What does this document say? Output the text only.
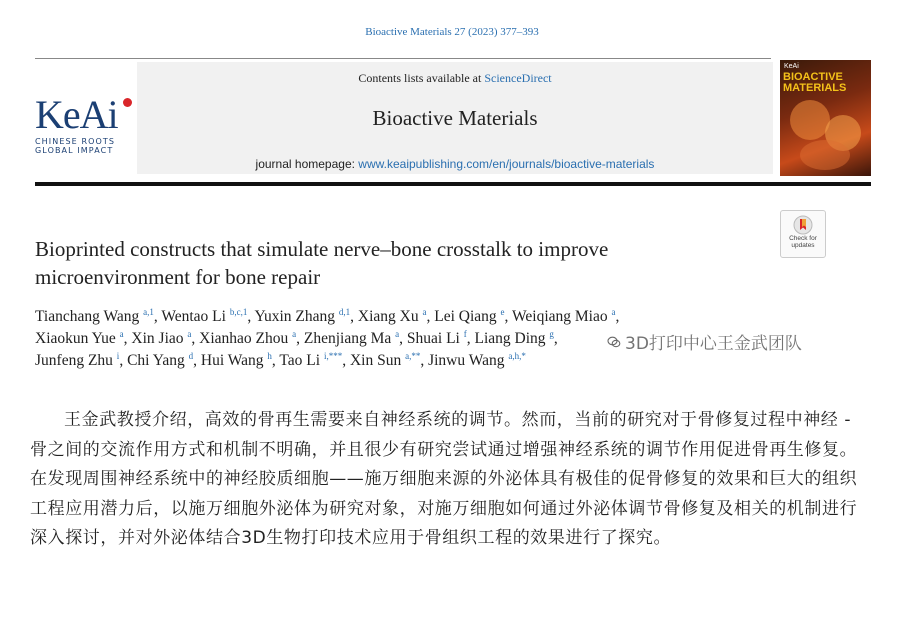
Bioactive Materials 27 (2023) 377–393
KeAi
CHINESE ROOTS
GLOBAL IMPACT
Contents lists available at ScienceDirect
Bioactive Materials
journal homepage: www.keaipublishing.com/en/journals/bioactive-materials
KeAi
BIOACTIVE MATERIALS
Check for
updates
Bioprinted constructs that simulate nerve–bone crosstalk to improve
microenvironment for bone repair
Tianchang Wang $^{a,1}$, Wentao Li $^{b,c,1}$, Yuxin Zhang $^{d,1}$, Xiang Xu $^a$, Lei Qiang $^e$, Weiqiang Miao $^a$,
Xiaokun Yue $^a$, Xin Jiao $^a$, Xianhao Zhou $^a$, Zhenjiang Ma $^a$, Shuai Li $^f$, Liang Ding $^g$,
Junfeng Zhu $^i$, Chi Yang $^d$, Hui Wang $^h$, Tao Li $^{i,***}$, Xin Sun $^{a,**}$, Jinwu Wang $^{a,h,*}$
3D打印中心王金武团队
王金武教授介绍，高效的骨再生需要来自神经系统的调节。然而，当前的研究对于骨修复过程中神经 - 骨之间的交流作用方式和机制不明确，并且很少有研究尝试通过增强神经系统的调节作用促进骨再生修复。在发现周围神经系统中的神经胶质细胞——施万细胞来源的外泌体具有极佳的促骨修复的效果和巨大的组织工程应用潜力后，以施万细胞外泌体为研究对象，对施万细胞如何通过外泌体调节骨修复及相关的机制进行深入探讨，并对外泌体结合3D生物打印技术应用于骨组织工程的效果进行了探究。
